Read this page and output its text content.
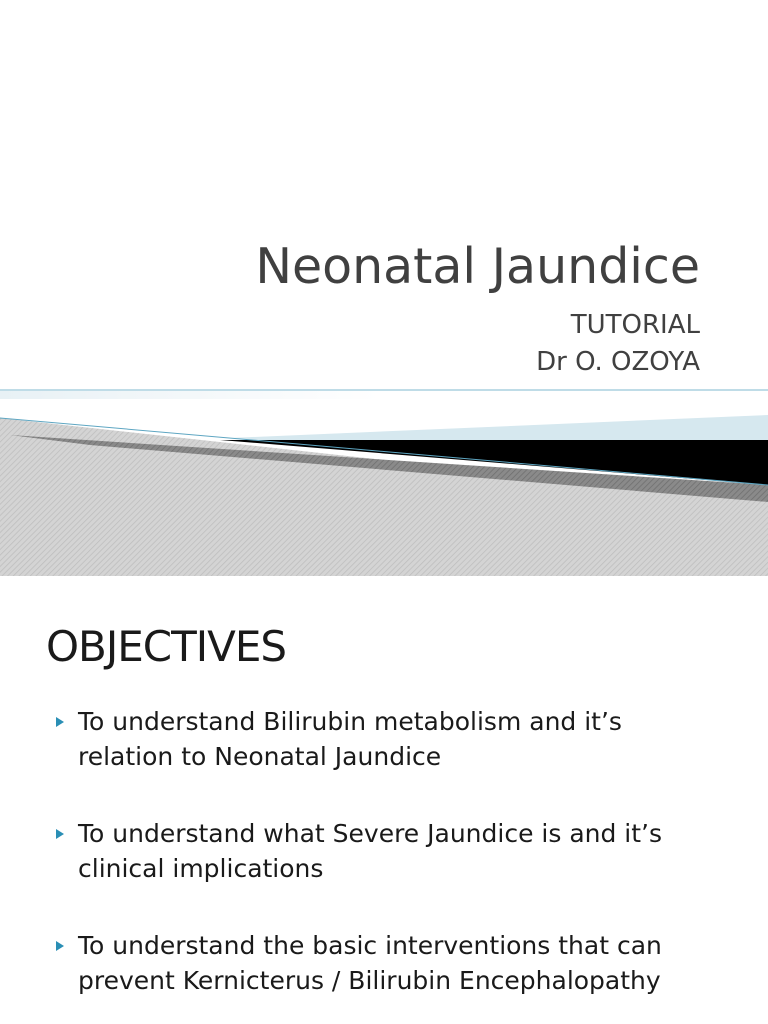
Neonatal Jaundice
TUTORIAL
Dr O. OZOYA
OBJECTIVES
To understand Bilirubin metabolism and it’s relation to Neonatal Jaundice
To understand what Severe Jaundice is and it’s clinical implications
To understand the basic interventions that can prevent Kernicterus / Bilirubin Encephalopathy
